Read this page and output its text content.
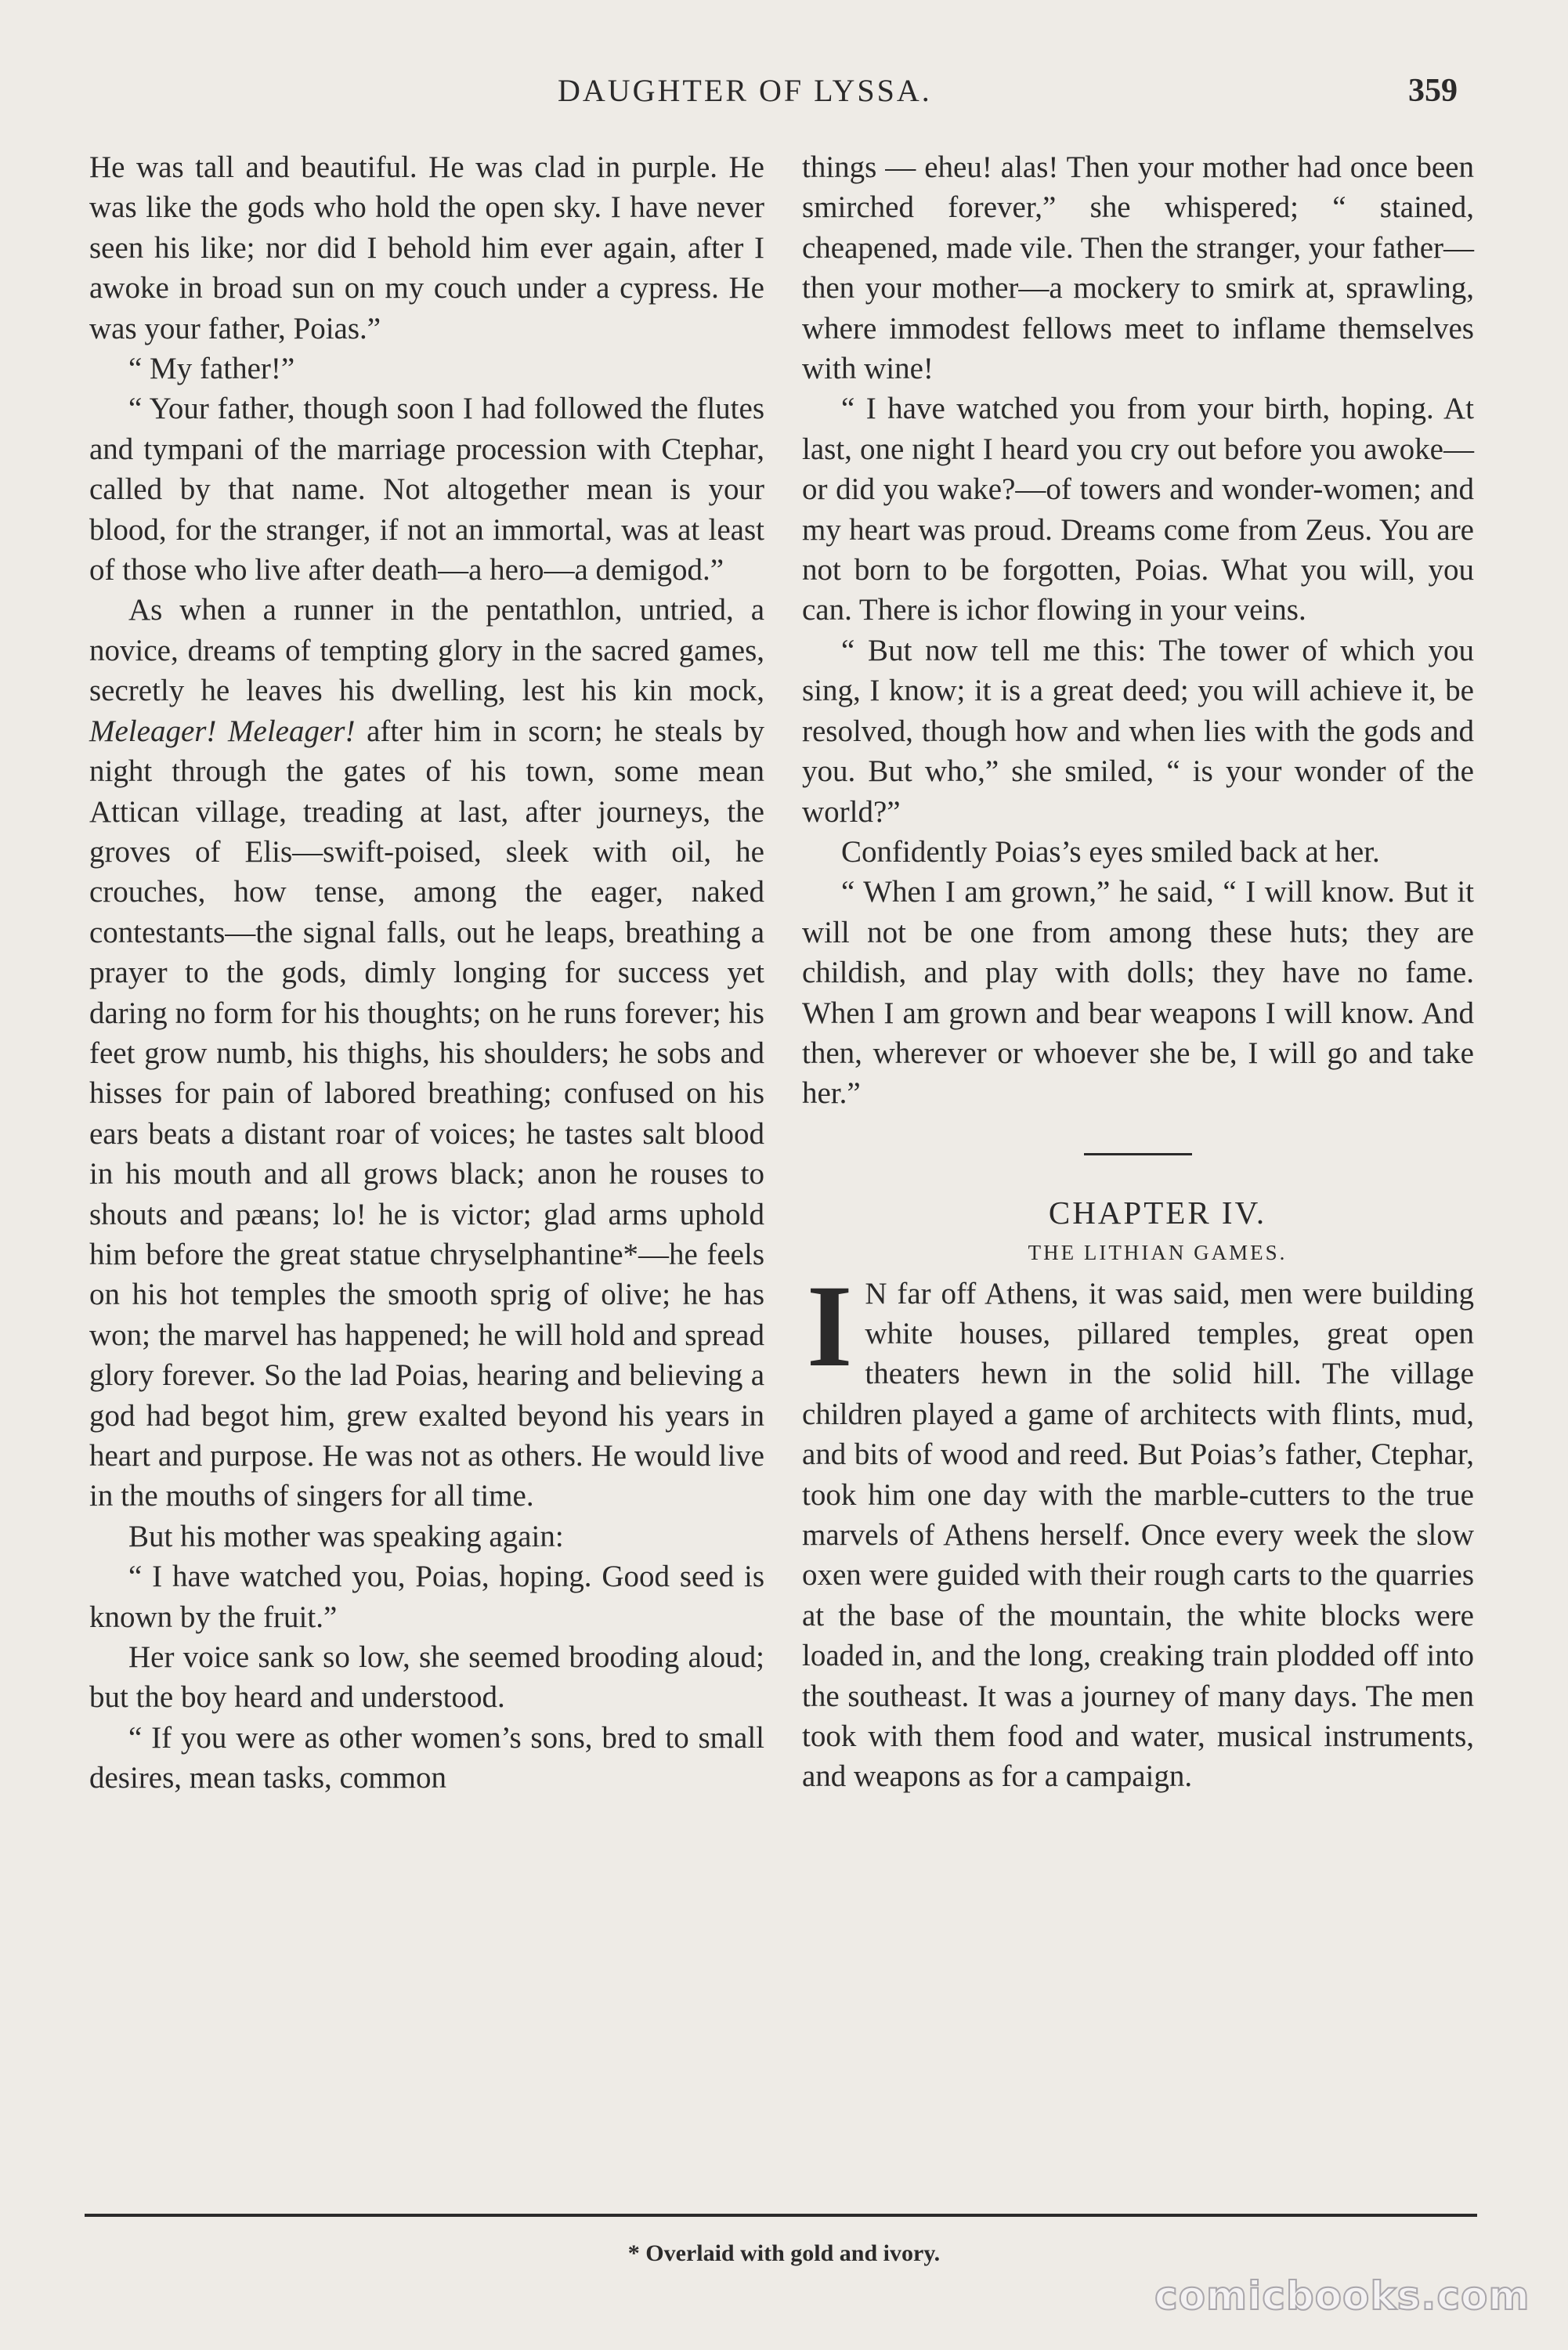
DAUGHTER OF LYSSA.	359

He was tall and beautiful. He was clad in purple. He was like the gods who hold the open sky. I have never seen his like; nor did I behold him ever again, after I awoke in broad sun on my couch under a cypress. He was your father, Poias.”

“ My father!”

“ Your father, though soon I had followed the flutes and tympani of the marriage procession with Ctephar, called by that name. Not altogether mean is your blood, for the stranger, if not an immortal, was at least of those who live after death—a hero—a demigod.”

As when a runner in the pentathlon, untried, a novice, dreams of tempting glory in the sacred games, secretly he leaves his dwelling, lest his kin mock, Meleager! Meleager! after him in scorn; he steals by night through the gates of his town, some mean Attican village, treading at last, after journeys, the groves of Elis—swift-poised, sleek with oil, he crouches, how tense, among the eager, naked contestants—the signal falls, out he leaps, breathing a prayer to the gods, dimly longing for success yet daring no form for his thoughts; on he runs forever; his feet grow numb, his thighs, his shoulders; he sobs and hisses for pain of labored breathing; confused on his ears beats a distant roar of voices; he tastes salt blood in his mouth and all grows black; anon he rouses to shouts and pæans; lo! he is victor; glad arms uphold him before the great statue chryselphantine*—he feels on his hot temples the smooth sprig of olive; he has won; the marvel has happened; he will hold and spread glory forever. So the lad Poias, hearing and believing a god had begot him, grew exalted beyond his years in heart and purpose. He was not as others. He would live in the mouths of singers for all time.

But his mother was speaking again:

“ I have watched you, Poias, hoping. Good seed is known by the fruit.”

Her voice sank so low, she seemed brooding aloud; but the boy heard and understood.

“ If you were as other women’s sons, bred to small desires, mean tasks, common

things — eheu! alas! Then your mother had once been smirched forever,” she whispered; “ stained, cheapened, made vile. Then the stranger, your father—then your mother—a mockery to smirk at, sprawling, where immodest fellows meet to inflame themselves with wine!

“ I have watched you from your birth, hoping. At last, one night I heard you cry out before you awoke—or did you wake?—of towers and wonder-women; and my heart was proud. Dreams come from Zeus. You are not born to be forgotten, Poias. What you will, you can. There is ichor flowing in your veins.

“ But now tell me this: The tower of which you sing, I know; it is a great deed; you will achieve it, be resolved, though how and when lies with the gods and you. But who,” she smiled, “ is your wonder of the world?”

Confidently Poias’s eyes smiled back at her.

“ When I am grown,” he said, “ I will know. But it will not be one from among these huts; they are childish, and play with dolls; they have no fame. When I am grown and bear weapons I will know. And then, wherever or whoever she be, I will go and take her.”

CHAPTER IV.

THE LITHIAN GAMES.

I N far off Athens, it was said, men were building white houses, pillared temples, great open theaters hewn in the solid hill. The village children played a game of architects with flints, mud, and bits of wood and reed. But Poias’s father, Ctephar, took him one day with the marble-cutters to the true marvels of Athens herself. Once every week the slow oxen were guided with their rough carts to the quarries at the base of the mountain, the white blocks were loaded in, and the long, creaking train plodded off into the southeast. It was a journey of many days. The men took with them food and water, musical instruments, and weapons as for a campaign.

* Overlaid with gold and ivory.
comicbooks.com
